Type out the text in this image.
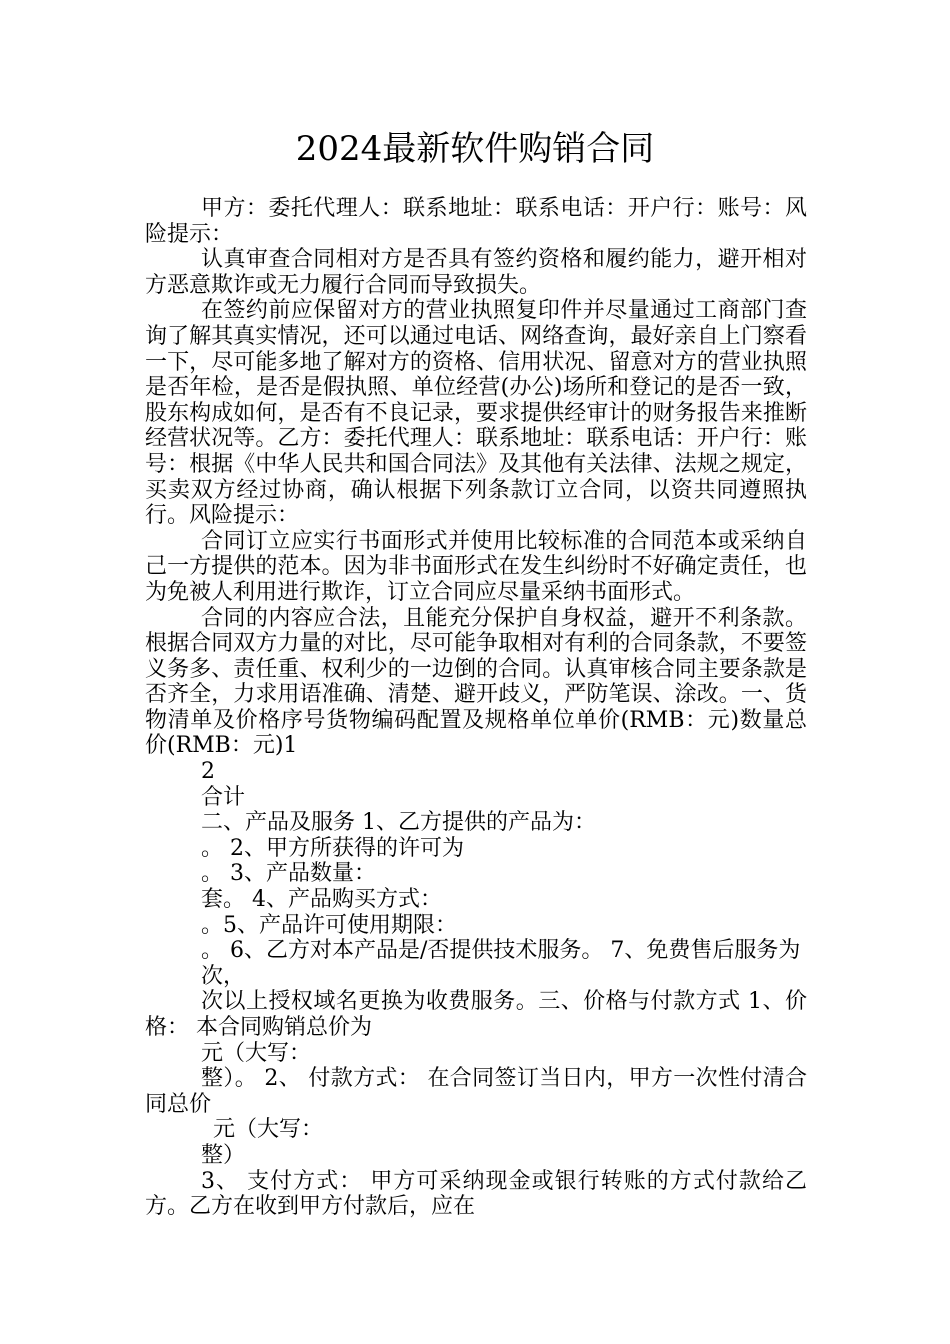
2024最新软件购销合同

甲方：委托代理人：联系地址：联系电话：开户行：账号：风险提示：

认真审查合同相对方是否具有签约资格和履约能力，避开相对方恶意欺诈或无力履行合同而导致损失。

在签约前应保留对方的营业执照复印件并尽量通过工商部门查询了解其真实情况，还可以通过电话、网络查询，最好亲自上门察看一下，尽可能多地了解对方的资格、信用状况、留意对方的营业执照是否年检，是否是假执照、单位经营(办公)场所和登记的是否一致，股东构成如何，是否有不良记录，要求提供经审计的财务报告来推断经营状况等。乙方：委托代理人：联系地址：联系电话：开户行：账号：根据《中华人民共和国合同法》及其他有关法律、法规之规定，买卖双方经过协商，确认根据下列条款订立合同，以资共同遵照执行。风险提示：

合同订立应实行书面形式并使用比较标准的合同范本或采纳自己一方提供的范本。因为非书面形式在发生纠纷时不好确定责任，也为免被人利用进行欺诈，订立合同应尽量采纳书面形式。

合同的内容应合法，且能充分保护自身权益，避开不利条款。根据合同双方力量的对比，尽可能争取相对有利的合同条款，不要签义务多、责任重、权利少的一边倒的合同。认真审核合同主要条款是否齐全，力求用语准确、清楚、避开歧义，严防笔误、涂改。一、货物清单及价格序号货物编码配置及规格单位单价(RMB：元)数量总价(RMB：元)1

2

合计

二、产品及服务 1、乙方提供的产品为：

。 2、甲方所获得的许可为

。 3、产品数量：

套。 4、产品购买方式：

。5、产品许可使用期限：

。 6、乙方对本产品是/否提供技术服务。 7、免费售后服务为

次，

次以上授权域名更换为收费服务。三、价格与付款方式 1、价格： 本合同购销总价为

元（大写：

整）。 2、 付款方式： 在合同签订当日内，甲方一次性付清合同总价

元（大写：

整）

3、 支付方式： 甲方可采纳现金或银行转账的方式付款给乙方。乙方在收到甲方付款后，应在
